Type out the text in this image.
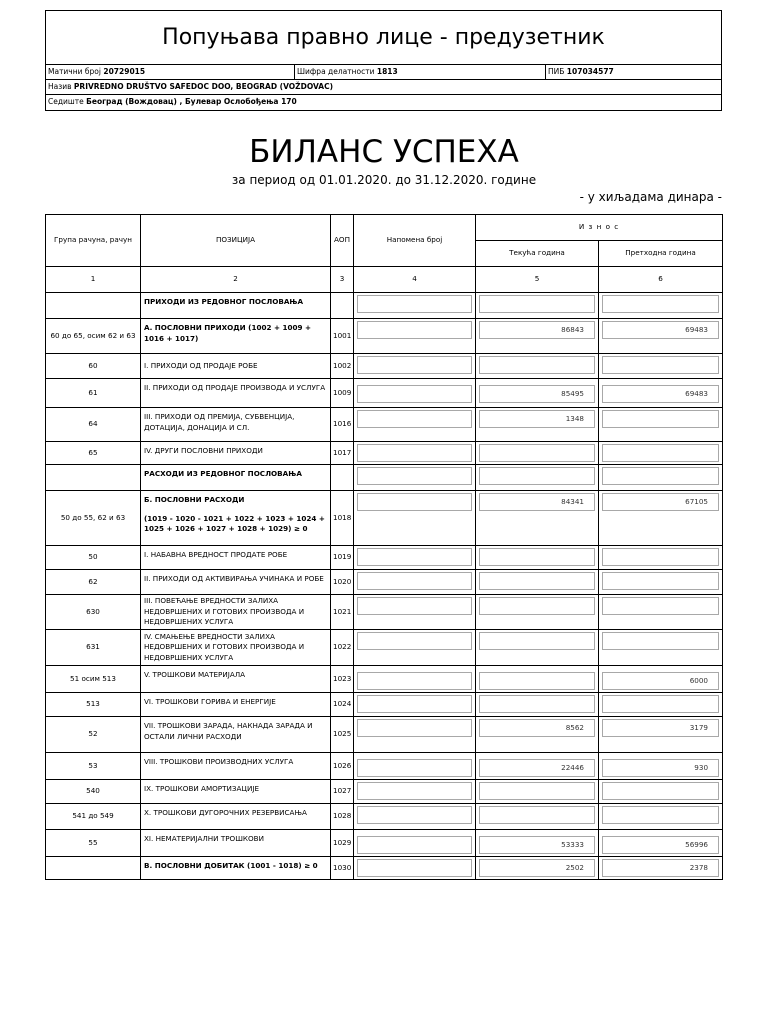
Попуњава правно лице - предузетник
Матични број 20729015	Шифра делатности 1813	ПИБ 107034577
Назив PRIVREDNO DRUŠTVO SAFEDOC DOO, BEOGRAD (VOŽDOVAC)
Седиште Београд (Вождовац) , Булевар Ослобођења 170
БИЛАНС УСПЕХА
за период од 01.01.2020. до 31.12.2020. године
- у хиљадама динара -
Група рачуна, рачун	ПОЗИЦИЈА	АОП	Напомена број	И з н о с	
				Текућа година	Претходна година
1	2	3	4	5	6

	ПРИХОДИ ИЗ РЕДОВНОГ ПОСЛОВАЊА				

60 до 65, осим 62 и 63	А. ПОСЛОВНИ ПРИХОДИ (1002 + 1009 + 1016 + 1017)	1001		86843	69483

60	I. ПРИХОДИ ОД ПРОДАЈЕ РОБЕ	1002	

61	II. ПРИХОДИ ОД ПРОДАЈЕ ПРОИЗВОДА И УСЛУГА	1009		85495	69483

64	III. ПРИХОДИ ОД ПРЕМИЈА, СУБВЕНЦИЈА, ДОТАЦИЈА, ДОНАЦИЈА И СЛ.	1016		1348	

65	IV. ДРУГИ ПОСЛОВНИ ПРИХОДИ	1017	

	РАСХОДИ ИЗ РЕДОВНОГ ПОСЛОВАЊА				

50 до 55, 62 и 63	Б. ПОСЛОВНИ РАСХОДИ
(1019 - 1020 - 1021 + 1022 + 1023 + 1024 + 1025 + 1026 + 1027 + 1028 + 1029) ≥ 0	1018		84341	67105

50	I. НАБАВНА ВРЕДНОСТ ПРОДАТЕ РОБЕ	1019	

62	II. ПРИХОДИ ОД АКТИВИРАЊА УЧИНАКА И РОБЕ	1020	

630	III. ПОВЕЋАЊЕ ВРЕДНОСТИ ЗАЛИХА НЕДОВРШЕНИХ И ГОТОВИХ ПРОИЗВОДА И НЕДОВРШЕНИХ УСЛУГА	1021	

631	IV. СМАЊЕЊЕ ВРЕДНОСТИ ЗАЛИХА НЕДОВРШЕНИХ И ГОТОВИХ ПРОИЗВОДА И НЕДОВРШЕНИХ УСЛУГА	1022	

51 осим 513	V. ТРОШКОВИ МАТЕРИЈАЛА	1023			6000

513	VI. ТРОШКОВИ ГОРИВА И ЕНЕРГИЈЕ	1024	

52	VII. ТРОШКОВИ ЗАРАДА, НАКНАДА ЗАРАДА И ОСТАЛИ ЛИЧНИ РАСХОДИ	1025		8562	3179

53	VIII. ТРОШКОВИ ПРОИЗВОДНИХ УСЛУГА	1026		22446	930

540	IX. ТРОШКОВИ АМОРТИЗАЦИЈЕ	1027	

541 до 549	X. ТРОШКОВИ ДУГОРОЧНИХ РЕЗЕРВИСАЊА	1028	

55	XI. НЕМАТЕРИЈАЛНИ ТРОШКОВИ	1029		53333	56996

	В. ПОСЛОВНИ ДОБИТАК (1001 - 1018) ≥ 0	1030		2502	2378
